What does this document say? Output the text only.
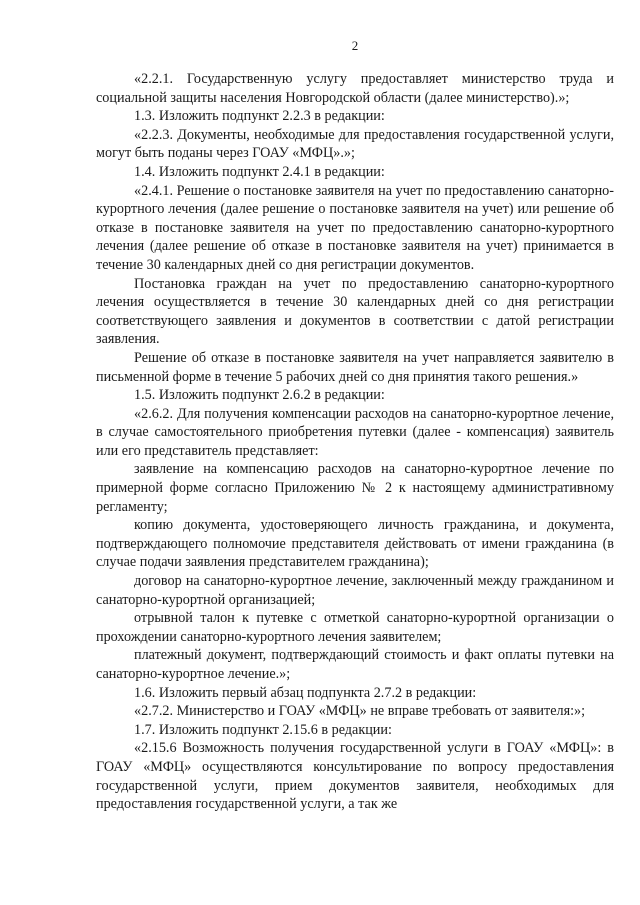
2

«2.2.1. Государственную услугу предоставляет министерство труда и социальной защиты населения Новгородской области (далее министерство).»;

1.3. Изложить подпункт 2.2.3 в редакции:

«2.2.3. Документы, необходимые для предоставления государственной услуги, могут быть поданы через ГОАУ «МФЦ».»;

1.4. Изложить подпункт 2.4.1 в редакции:

«2.4.1. Решение о постановке заявителя на учет по предоставлению санаторно-курортного лечения (далее решение о постановке заявителя на учет) или решение об отказе в постановке заявителя на учет по предоставлению санаторно-курортного лечения (далее решение об отказе в постановке заявителя на учет) принимается в течение 30 календарных дней со дня регистрации документов.

Постановка граждан на учет по предоставлению санаторно-курортного лечения осуществляется в течение 30 календарных дней со дня регистрации соответствующего заявления и документов в соответствии с датой регистрации заявления.

Решение об отказе в постановке заявителя на учет направляется заявителю в письменной форме в течение 5 рабочих дней со дня принятия такого решения.»

1.5. Изложить подпункт 2.6.2 в редакции:

«2.6.2. Для получения компенсации расходов на санаторно-курортное лечение, в случае самостоятельного приобретения путевки (далее - компенсация) заявитель или его представитель представляет:

заявление на компенсацию расходов на санаторно-курортное лечение по примерной форме согласно Приложению № 2 к настоящему административному регламенту;

копию документа, удостоверяющего личность гражданина, и документа, подтверждающего полномочие представителя действовать от имени гражданина (в случае подачи заявления представителем гражданина);

договор на санаторно-курортное лечение, заключенный между гражданином и санаторно-курортной организацией;

отрывной талон к путевке с отметкой санаторно-курортной организации о прохождении санаторно-курортного лечения заявителем;

платежный документ, подтверждающий стоимость и факт оплаты путевки на санаторно-курортное лечение.»;

1.6. Изложить первый абзац подпункта 2.7.2 в редакции:

«2.7.2. Министерство и ГОАУ «МФЦ» не вправе требовать от заявителя:»;

1.7. Изложить подпункт 2.15.6 в редакции:

«2.15.6 Возможность получения государственной услуги в ГОАУ «МФЦ»: в ГОАУ «МФЦ» осуществляются консультирование по вопросу предоставления государственной услуги, прием документов заявителя, необходимых для предоставления государственной услуги, а так же
